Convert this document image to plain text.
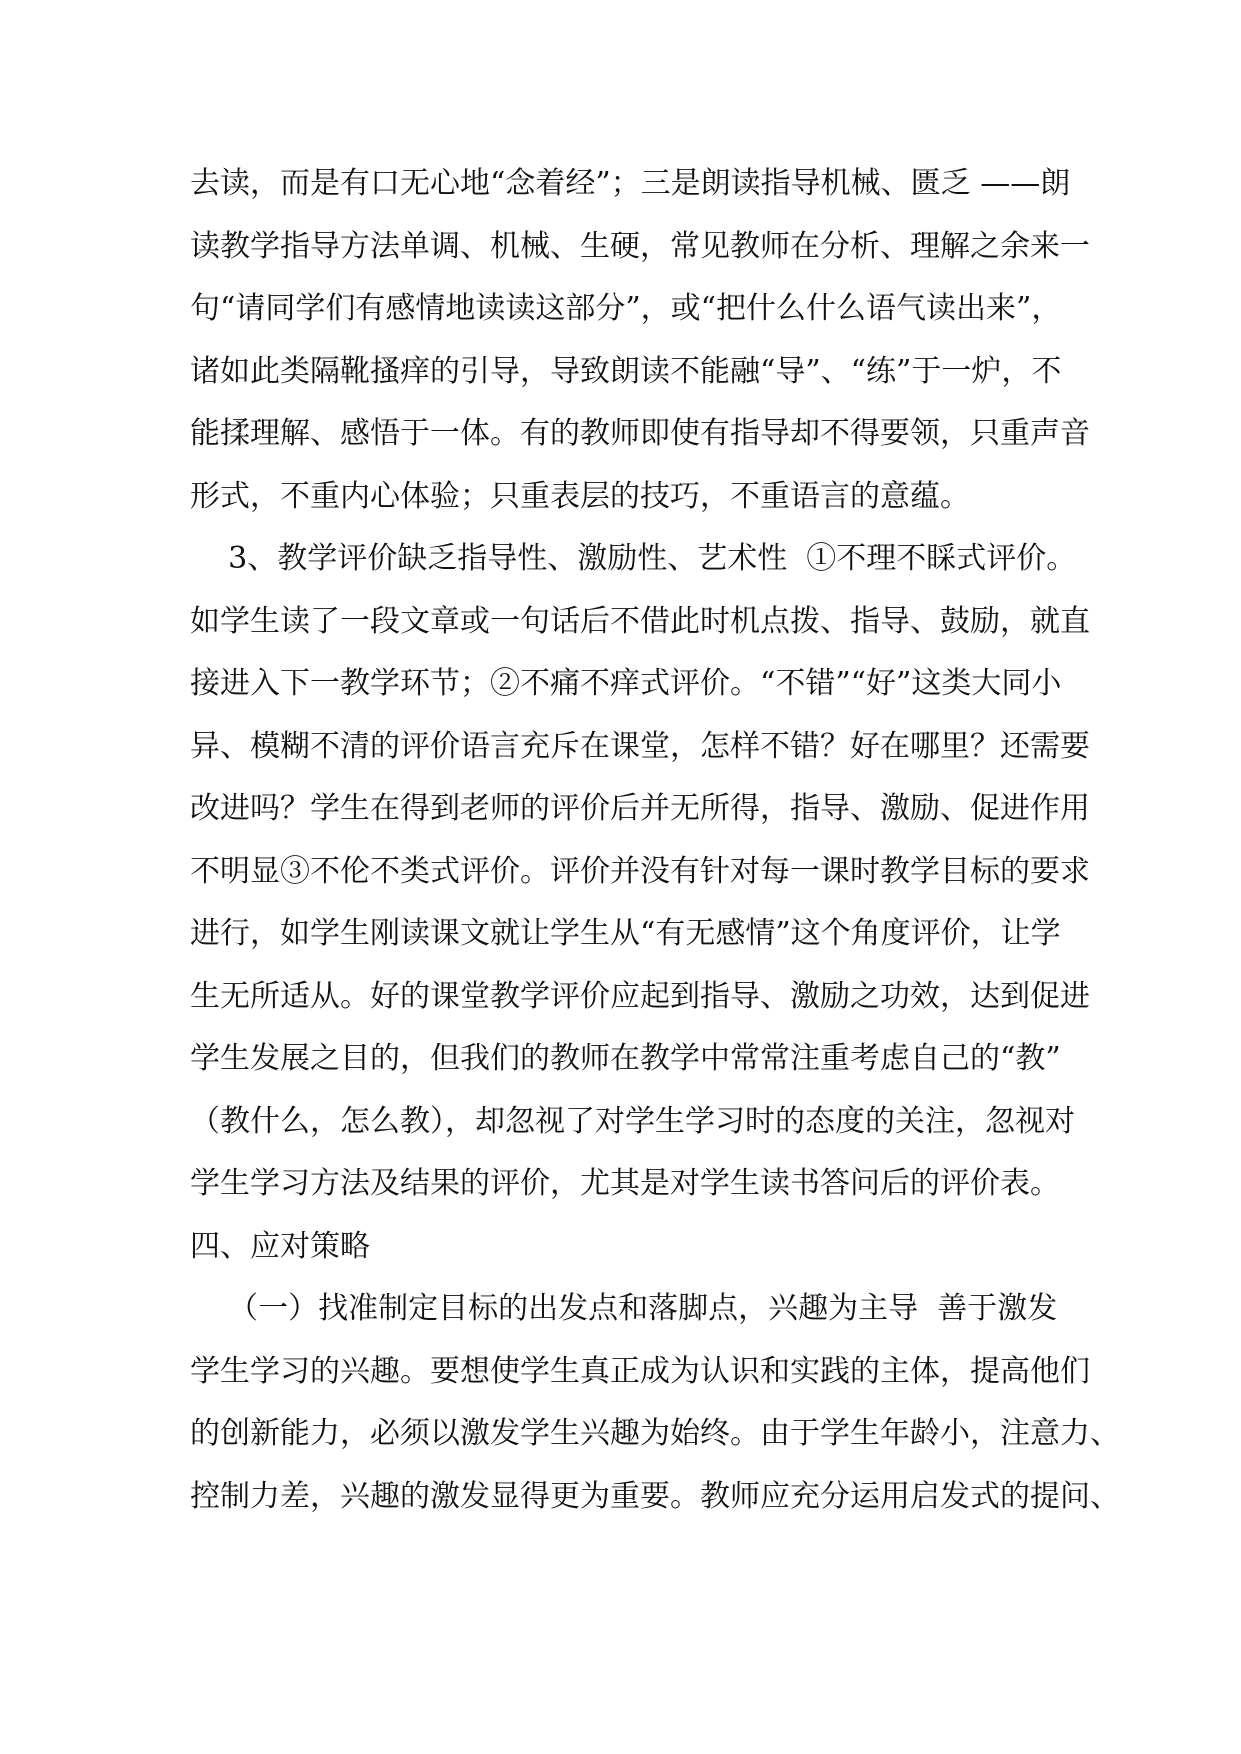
去读，而是有口无心地“念着经”；三是朗读指导机械、匮乏 ——朗
读教学指导方法单调、机械、生硬，常见教师在分析、理解之余来一
句“请同学们有感情地读读这部分”，或“把什么什么语气读出来”，
诸如此类隔靴搔痒的引导，导致朗读不能融“导”、“练”于一炉，不
能揉理解、感悟于一体。有的教师即使有指导却不得要领，只重声音
形式，不重内心体验；只重表层的技巧，不重语言的意蕴。
3、教学评价缺乏指导性、激励性、艺术性  ①不理不睬式评价。
如学生读了一段文章或一句话后不借此时机点拨、指导、鼓励，就直
接进入下一教学环节；②不痛不痒式评价。“不错”“好”这类大同小
异、模糊不清的评价语言充斥在课堂，怎样不错？好在哪里？还需要
改进吗？学生在得到老师的评价后并无所得，指导、激励、促进作用
不明显③不伦不类式评价。评价并没有针对每一课时教学目标的要求
进行，如学生刚读课文就让学生从“有无感情”这个角度评价，让学
生无所适从。好的课堂教学评价应起到指导、激励之功效，达到促进
学生发展之目的，但我们的教师在教学中常常注重考虑自己的“教”
（教什么，怎么教），却忽视了对学生学习时的态度的关注，忽视对
学生学习方法及结果的评价，尤其是对学生读书答问后的评价表。
四、应对策略
（一）找准制定目标的出发点和落脚点，兴趣为主导  善于激发
学生学习的兴趣。要想使学生真正成为认识和实践的主体，提高他们
的创新能力，必须以激发学生兴趣为始终。由于学生年龄小，注意力、
控制力差，兴趣的激发显得更为重要。教师应充分运用启发式的提问、
